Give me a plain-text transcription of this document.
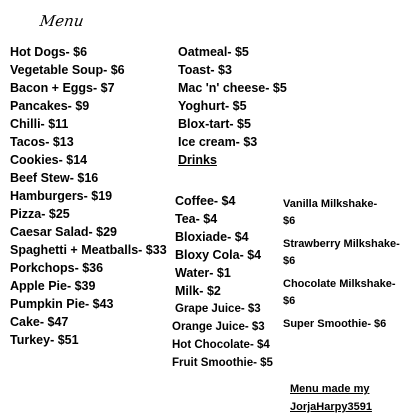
Menu
Hot Dogs- $6
Vegetable Soup- $6
Bacon + Eggs- $7
Pancakes- $9
Chilli- $11
Tacos- $13
Cookies- $14
Beef Stew- $16
Hamburgers- $19
Pizza- $25
Caesar Salad- $29
Spaghetti + Meatballs- $33
Porkchops- $36
Apple Pie- $39
Pumpkin Pie- $43
Cake- $47
Turkey- $51
Oatmeal- $5
Toast- $3
Mac 'n' cheese- $5
Yoghurt- $5
Blox-tart- $5
Ice cream- $3
Drinks
Coffee- $4
Tea- $4
Bloxiade- $4
Bloxy Cola- $4
Water- $1
Milk- $2
Grape Juice- $3
Orange Juice- $3
Hot Chocolate- $4
Fruit Smoothie- $5
Vanilla Milkshake-
$6
Strawberry Milkshake-
$6
Chocolate Milkshake-
$6
Super Smoothie- $6
Menu made my
JorjaHarpy3591
